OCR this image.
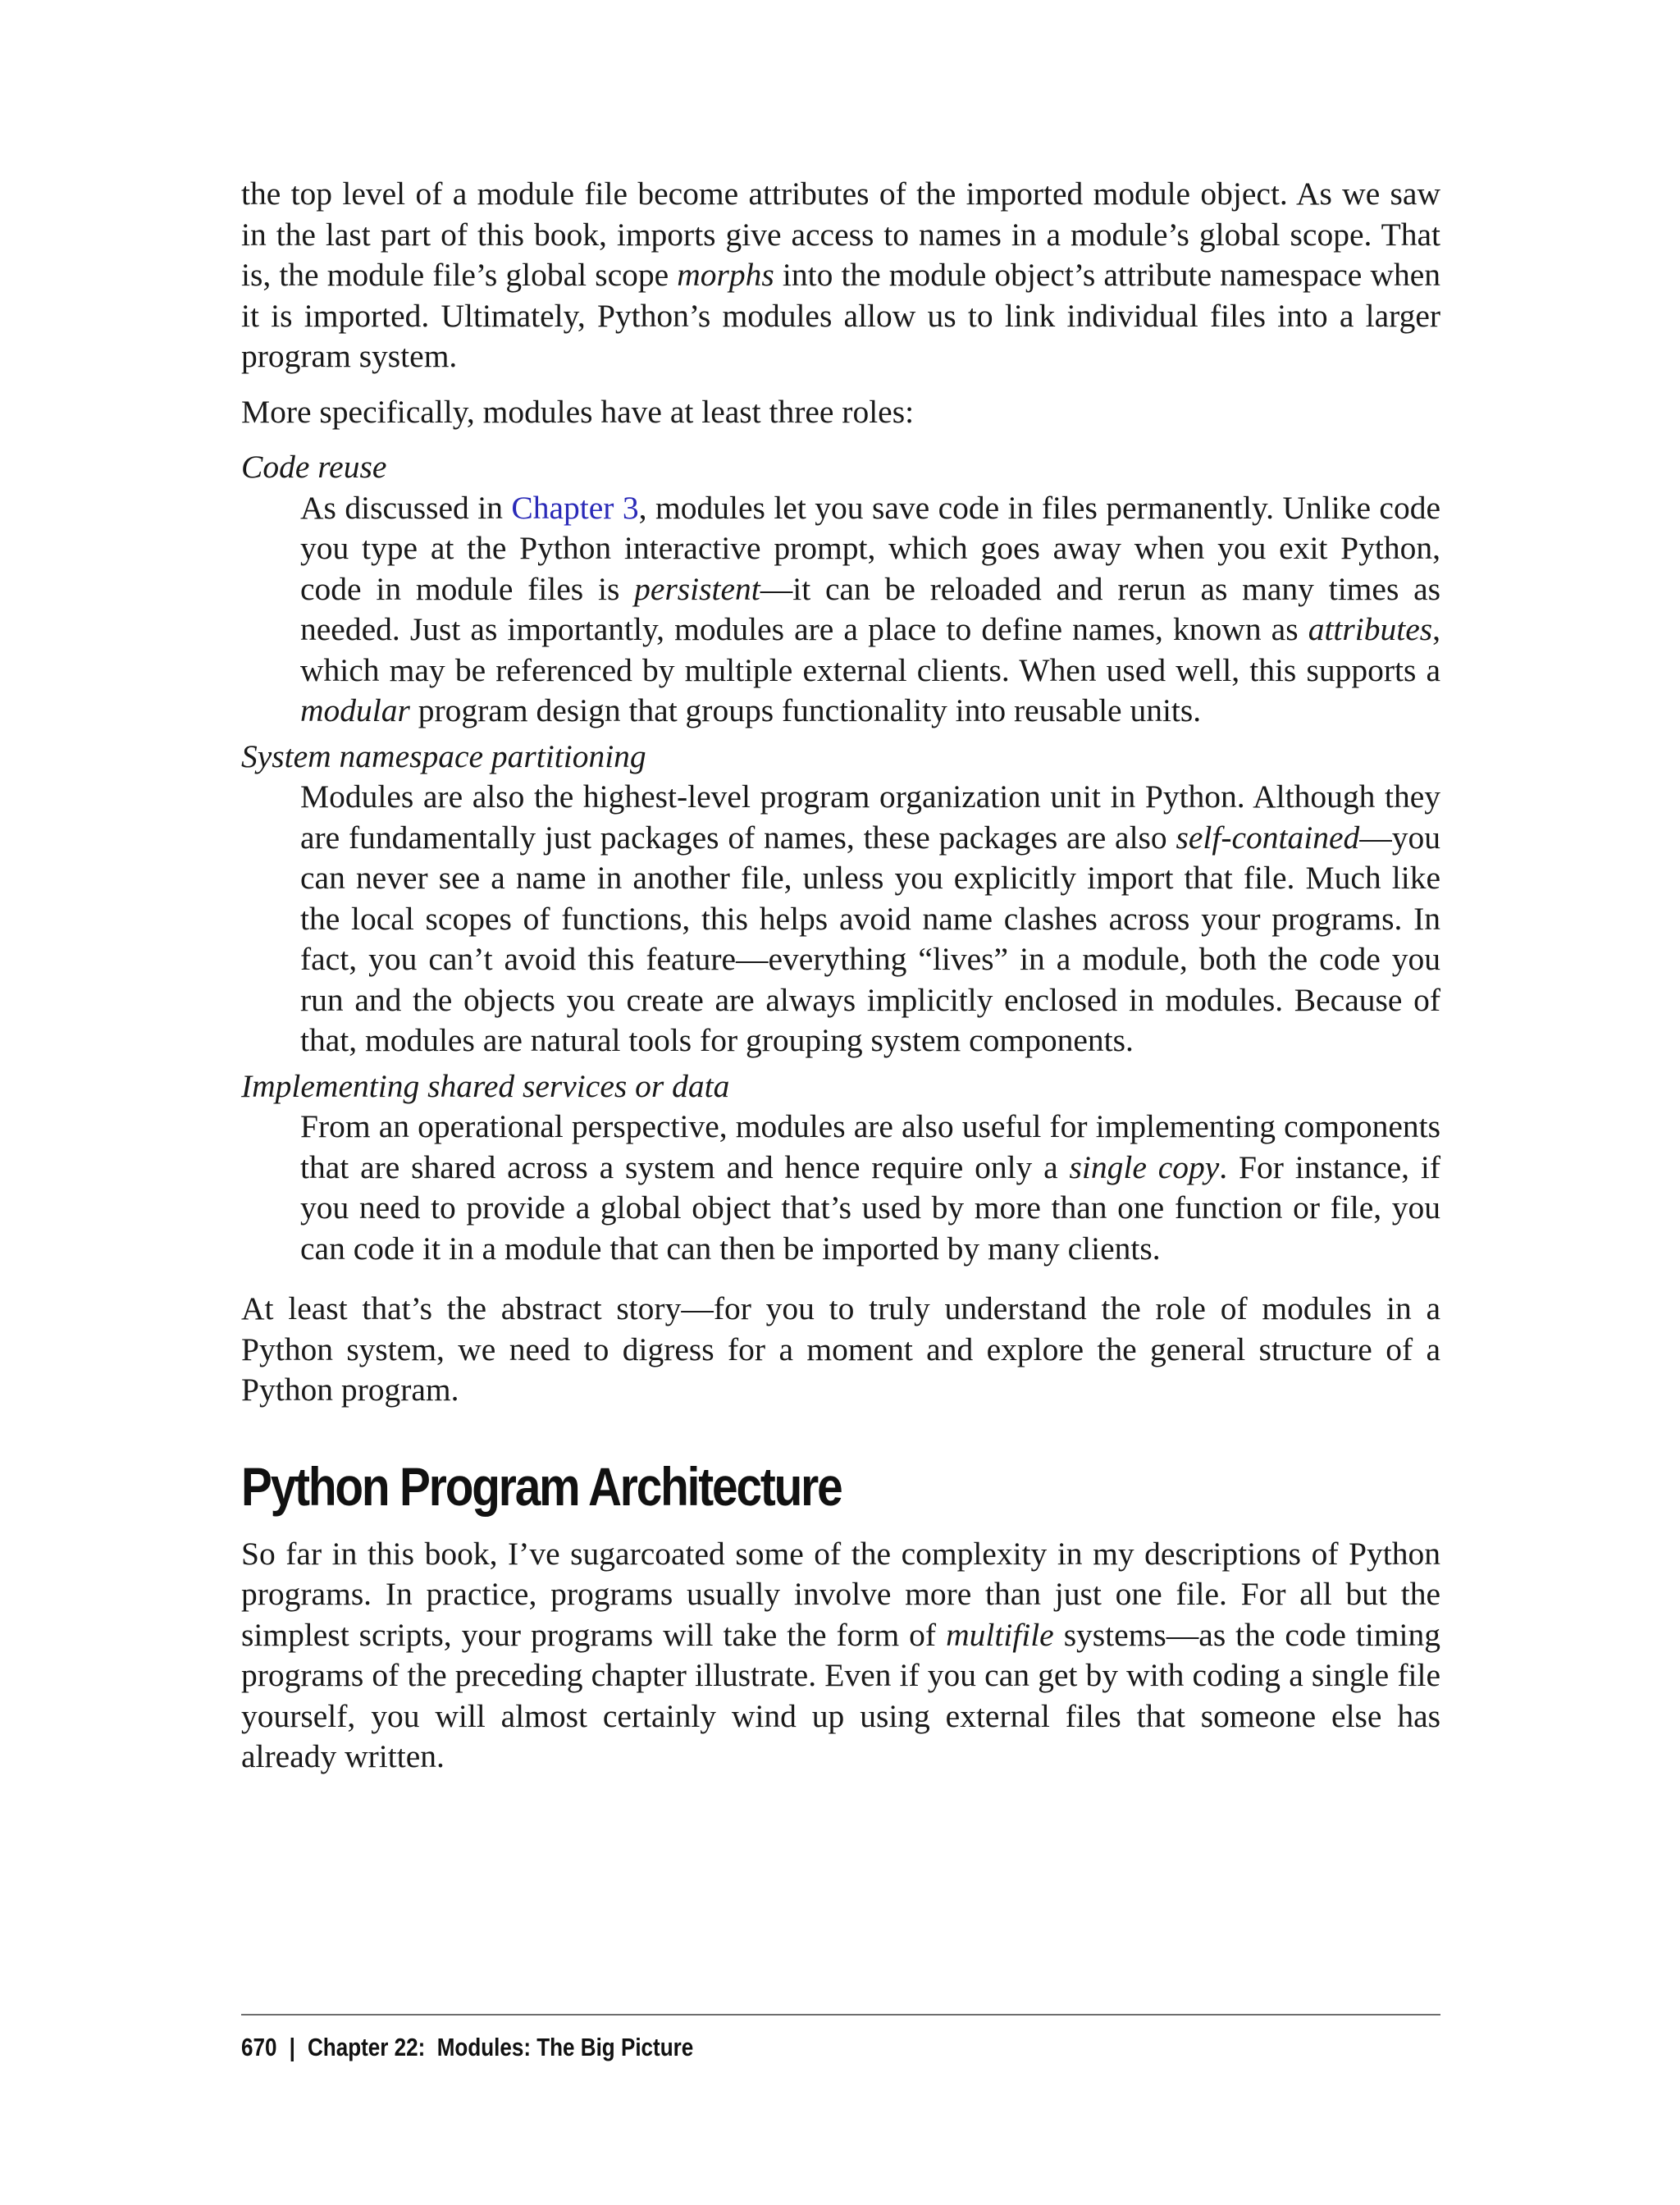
the top level of a module file become attributes of the imported module object. As we saw in the last part of this book, imports give access to names in a module’s global scope. That is, the module file’s global scope morphs into the module object’s attribute namespace when it is imported. Ultimately, Python’s modules allow us to link individual files into a larger program system.

More specifically, modules have at least three roles:

Code reuse

As discussed in Chapter 3, modules let you save code in files permanently. Unlike code you type at the Python interactive prompt, which goes away when you exit Python, code in module files is persistent—it can be reloaded and rerun as many times as needed. Just as importantly, modules are a place to define names, known as attributes, which may be referenced by multiple external clients. When used well, this supports a modular program design that groups functionality into reusable units.

System namespace partitioning

Modules are also the highest-level program organization unit in Python. Although they are fundamentally just packages of names, these packages are also self-contained—you can never see a name in another file, unless you explicitly import that file. Much like the local scopes of functions, this helps avoid name clashes across your programs. In fact, you can’t avoid this feature—everything “lives” in a module, both the code you run and the objects you create are always implicitly enclosed in modules. Because of that, modules are natural tools for grouping system components.

Implementing shared services or data

From an operational perspective, modules are also useful for implementing components that are shared across a system and hence require only a single copy. For instance, if you need to provide a global object that’s used by more than one function or file, you can code it in a module that can then be imported by many clients.

At least that’s the abstract story—for you to truly understand the role of modules in a Python system, we need to digress for a moment and explore the general structure of a Python program.

Python Program Architecture

So far in this book, I’ve sugarcoated some of the complexity in my descriptions of Python programs. In practice, programs usually involve more than just one file. For all but the simplest scripts, your programs will take the form of multifile systems—as the code timing programs of the preceding chapter illustrate. Even if you can get by with coding a single file yourself, you will almost certainly wind up using external files that someone else has already written.

670 | Chapter 22:  Modules: The Big Picture
